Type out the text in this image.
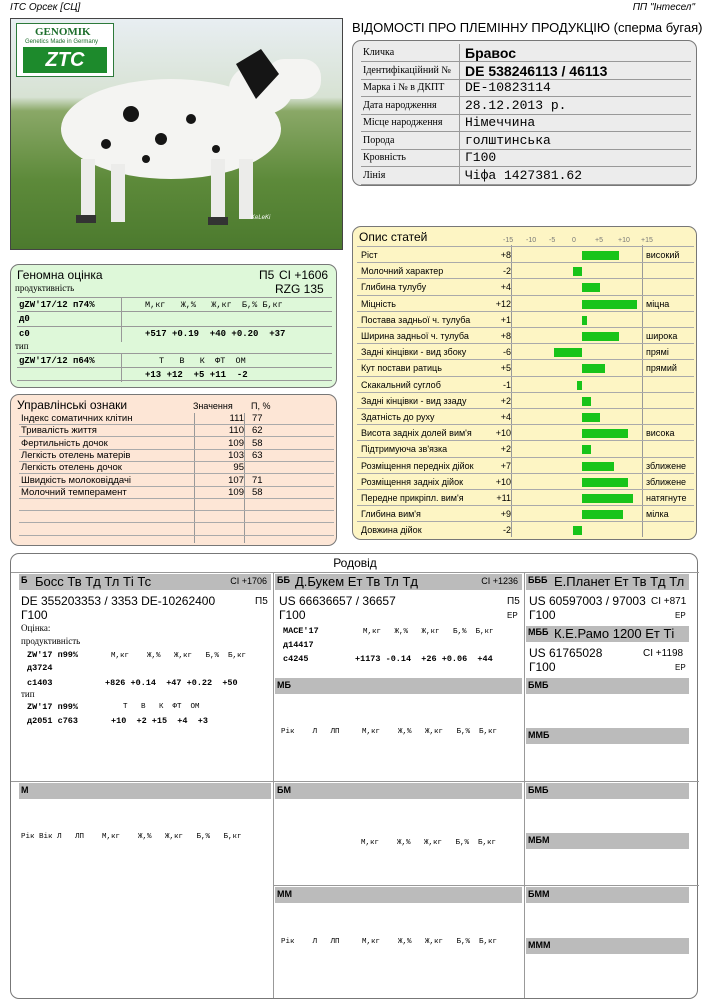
ІТС Орсек [СЦ]	ПП "Інтесел"
ВІДОМОСТІ ПРО ПЛЕМІННУ ПРОДУКЦІЮ (сперма бугая)
GENOMIK
Genetics Made in Germany
ZTC
KeLeKi
Кличка	Бравос
Ідентифікаційний №	DE 538246113 / 46113
Марка і № в ДКПТ	DE-10823114
Дата народження	28.12.2013 р.
Місце народження	Німеччина
Порода	голштинська
Кровність	Г100
Лінія	Чіфа 1427381.62
Опис статей	-15 -10 -5 0	+5 +10 +15
Ріст	+8	високий
Молочний характер	-2
Глибина тулубу	+4
Міцність	+12	міцна
Постава задньої ч. тулуба	+1
Ширина задньої ч. тулуба	+8	широка
Задні кінцівки - вид збоку	-6	прямі
Кут постави ратиць	+5	прямий
Скакальний суглоб	-1
Задні кінцівки - вид ззаду	+2
Здатність до руху	+4
Висота задніх долей вим'я	+10	висока
Підтримуюча зв'язка	+2
Розміщення передніх дійок	+7	зближене
Розміщення задніх дійок	+10	зближене
Передне прикріпл. вим'я	+11	натягнуте
Глибина вим'я	+9	мілка
Довжина дійок	-2
Геномна оцінка	П5 CI +1606
продуктивність	RZG 135
gZW'17/12 п74%	М,кг   Ж,%   Ж,кг  Б,% Б,кг
д0
с0	+517 +0.19  +40 +0.20  +37
тип
gZW'17/12 п64%	Т   В   К  ФТ  ОМ
+13 +12  +5 +11  -2
Управлінські ознаки	Значення П, %
Індекс соматичних клітин	111 77
Тривалість життя	110 62
Фертильність дочок	109 58
Легкість отелень матерів	103 63
Легкість отелень дочок	95
Швидкість молоковіддачі	107 71
Молочний темперамент	109 58
Родовід
Б Босс Тв Тд Тл Ті Тс	CI +1706
DE 355203353 / 3353 DE-10262400	П5
Г100
Оцінка:
продуктивність
ZW'17 п99%	М,кг    Ж,%   Ж,кг   Б,%  Б,кг
д3724
с1403	+826 +0.14  +47 +0.22  +50
тип
ZW'17 п99%	Т   В   К  ФТ  ОМ
д2051 с763	+10  +2 +15  +4  +3
ББ Д.Букем Ет Тв Тл Тд	CI +1236
US 66636657 / 36657	П5
Г100	ЕР
MACE'17	М,кг   Ж,%   Ж,кг   Б,%  Б,кг
д14417
с4245	+1173 -0.14  +26 +0.06  +44
БББ Е.Планет Ет Тв Тд Тл
US 60597003 / 97003 CI +871
Г100	ЕР
МББ К.Е.Рамо 1200 Ет Ті
US 61765028	CI +1198
Г100	ЕР
МБ
Рік    Л   ЛП     М,кг    Ж,%   Ж,кг   Б,%  Б,кг
БМБ
ММБ
М
Рік Вік Л   ЛП    М,кг    Ж,%   Ж,кг   Б,%   Б,кг
БМ
М,кг    Ж,%   Ж,кг   Б,%  Б,кг
БМБ
МБМ
ММ
Рік    Л   ЛП     М,кг    Ж,%   Ж,кг   Б,%  Б,кг
БММ
МММ
